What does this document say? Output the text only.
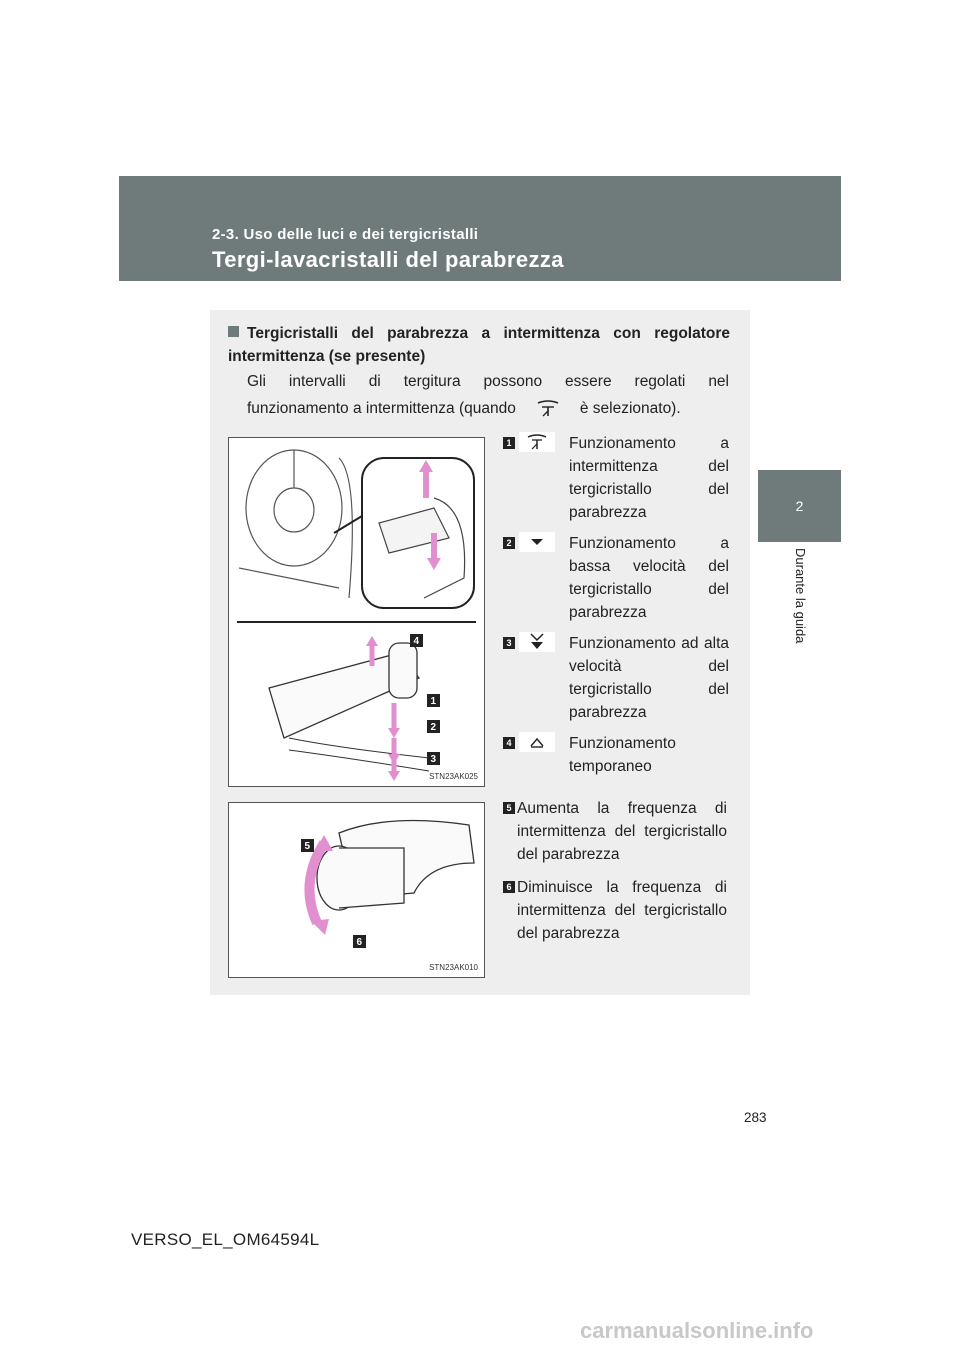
2-3. Uso delle luci e dei tergicristalli
Tergi-lavacristalli del parabrezza
2
Durante la guida
Tergicristalli del parabrezza a intermittenza con regolatore intermittenza (se presente)
Gli intervalli di tergitura possono essere regolati nel
funzionamento a intermittenza (quando	è selezionato).
4
1
2
3
STN23AK025
5
6
STN23AK010
1	Funzionamento a intermittenza del tergicristallo del parabrezza
2	Funzionamento a bassa velocità del tergicristallo del parabrezza
3	Funzionamento ad alta velocità del tergicristallo del parabrezza
4	Funzionamento temporaneo
5 Aumenta la frequenza di intermittenza del tergicristallo del parabrezza
6 Diminuisce la frequenza di intermittenza del tergicristallo del parabrezza
283
VERSO_EL_OM64594L
carmanualsonline.info
